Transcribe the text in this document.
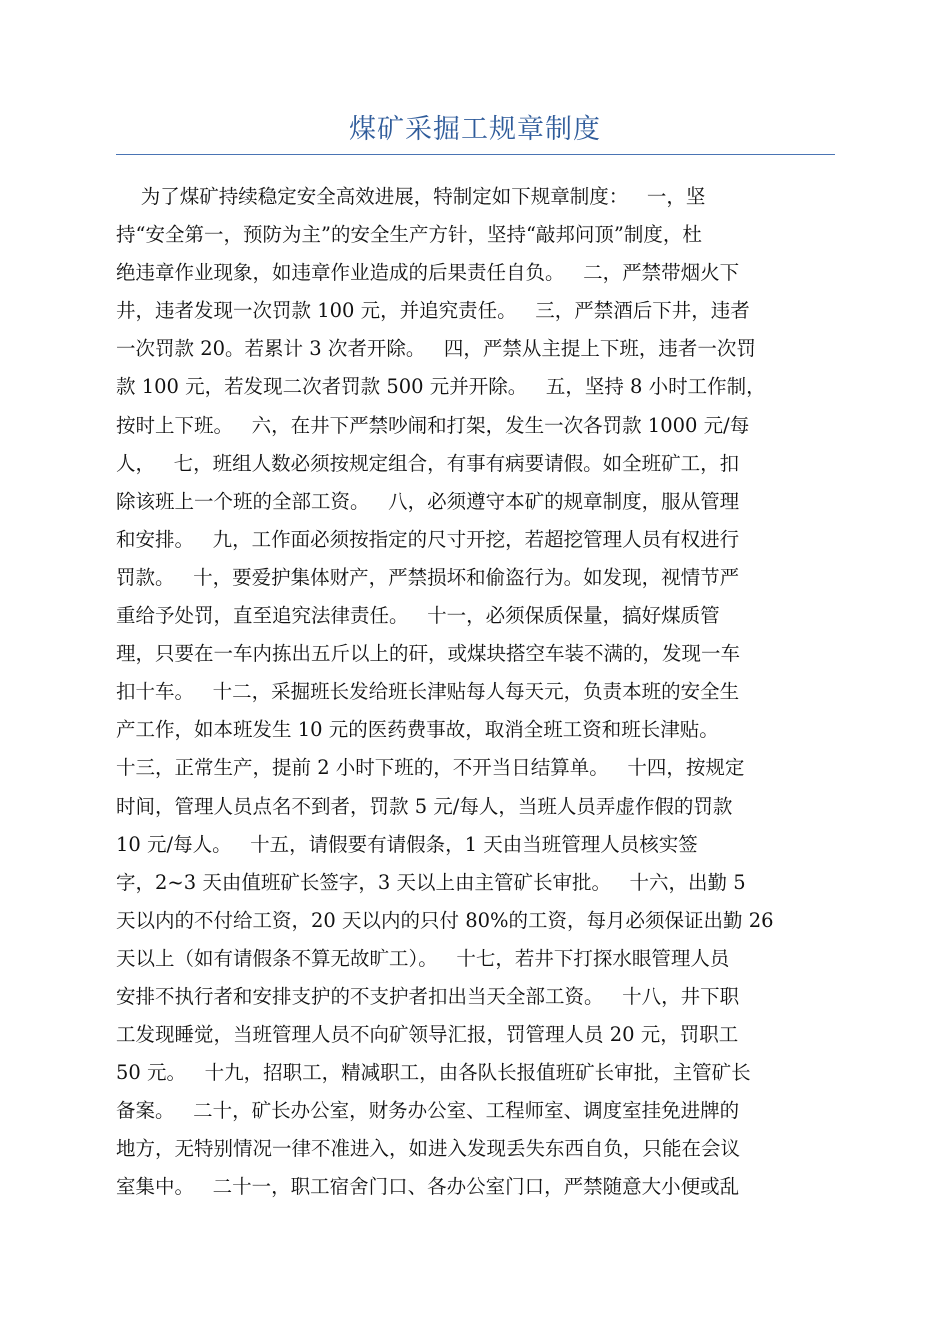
煤矿采掘工规章制度
为了煤矿持续稳定安全高效进展，特制定如下规章制度：   一，坚
持“安全第一，预防为主”的安全生产方针，坚持“敲邦问顶”制度，杜
绝违章作业现象，如违章作业造成的后果责任自负。   二，严禁带烟火下
井，违者发现一次罚款 100 元，并追究责任。   三，严禁酒后下井，违者
一次罚款 20。若累计 3 次者开除。   四，严禁从主提上下班，违者一次罚
款 100 元，若发现二次者罚款 500 元并开除。   五，坚持 8 小时工作制，
按时上下班。   六，在井下严禁吵闹和打架，发生一次各罚款 1000 元/每
人，   七，班组人数必须按规定组合，有事有病要请假。如全班矿工，扣
除该班上一个班的全部工资。   八，必须遵守本矿的规章制度，服从管理
和安排。   九，工作面必须按指定的尺寸开挖，若超挖管理人员有权进行
罚款。   十，要爱护集体财产，严禁损坏和偷盗行为。如发现，视情节严
重给予处罚，直至追究法律责任。   十一，必须保质保量，搞好煤质管
理，只要在一车内拣出五斤以上的矸，或煤块搭空车装不满的，发现一车
扣十车。   十二，采掘班长发给班长津贴每人每天元，负责本班的安全生
产工作，如本班发生 10 元的医药费事故，取消全班工资和班长津贴。
十三，正常生产，提前 2 小时下班的，不开当日结算单。   十四，按规定
时间，管理人员点名不到者，罚款 5 元/每人，当班人员弄虚作假的罚款
10 元/每人。   十五，请假要有请假条，1 天由当班管理人员核实签
字，2~3 天由值班矿长签字，3 天以上由主管矿长审批。   十六，出勤 5
天以内的不付给工资，20 天以内的只付 80%的工资，每月必须保证出勤 26
天以上（如有请假条不算无故旷工）。   十七，若井下打探水眼管理人员
安排不执行者和安排支护的不支护者扣出当天全部工资。   十八，井下职
工发现睡觉，当班管理人员不向矿领导汇报，罚管理人员 20 元，罚职工
50 元。   十九，招职工，精减职工，由各队长报值班矿长审批，主管矿长
备案。   二十，矿长办公室，财务办公室、工程师室、调度室挂免进牌的
地方，无特别情况一律不准进入，如进入发现丢失东西自负，只能在会议
室集中。   二十一，职工宿舍门口、各办公室门口，严禁随意大小便或乱
